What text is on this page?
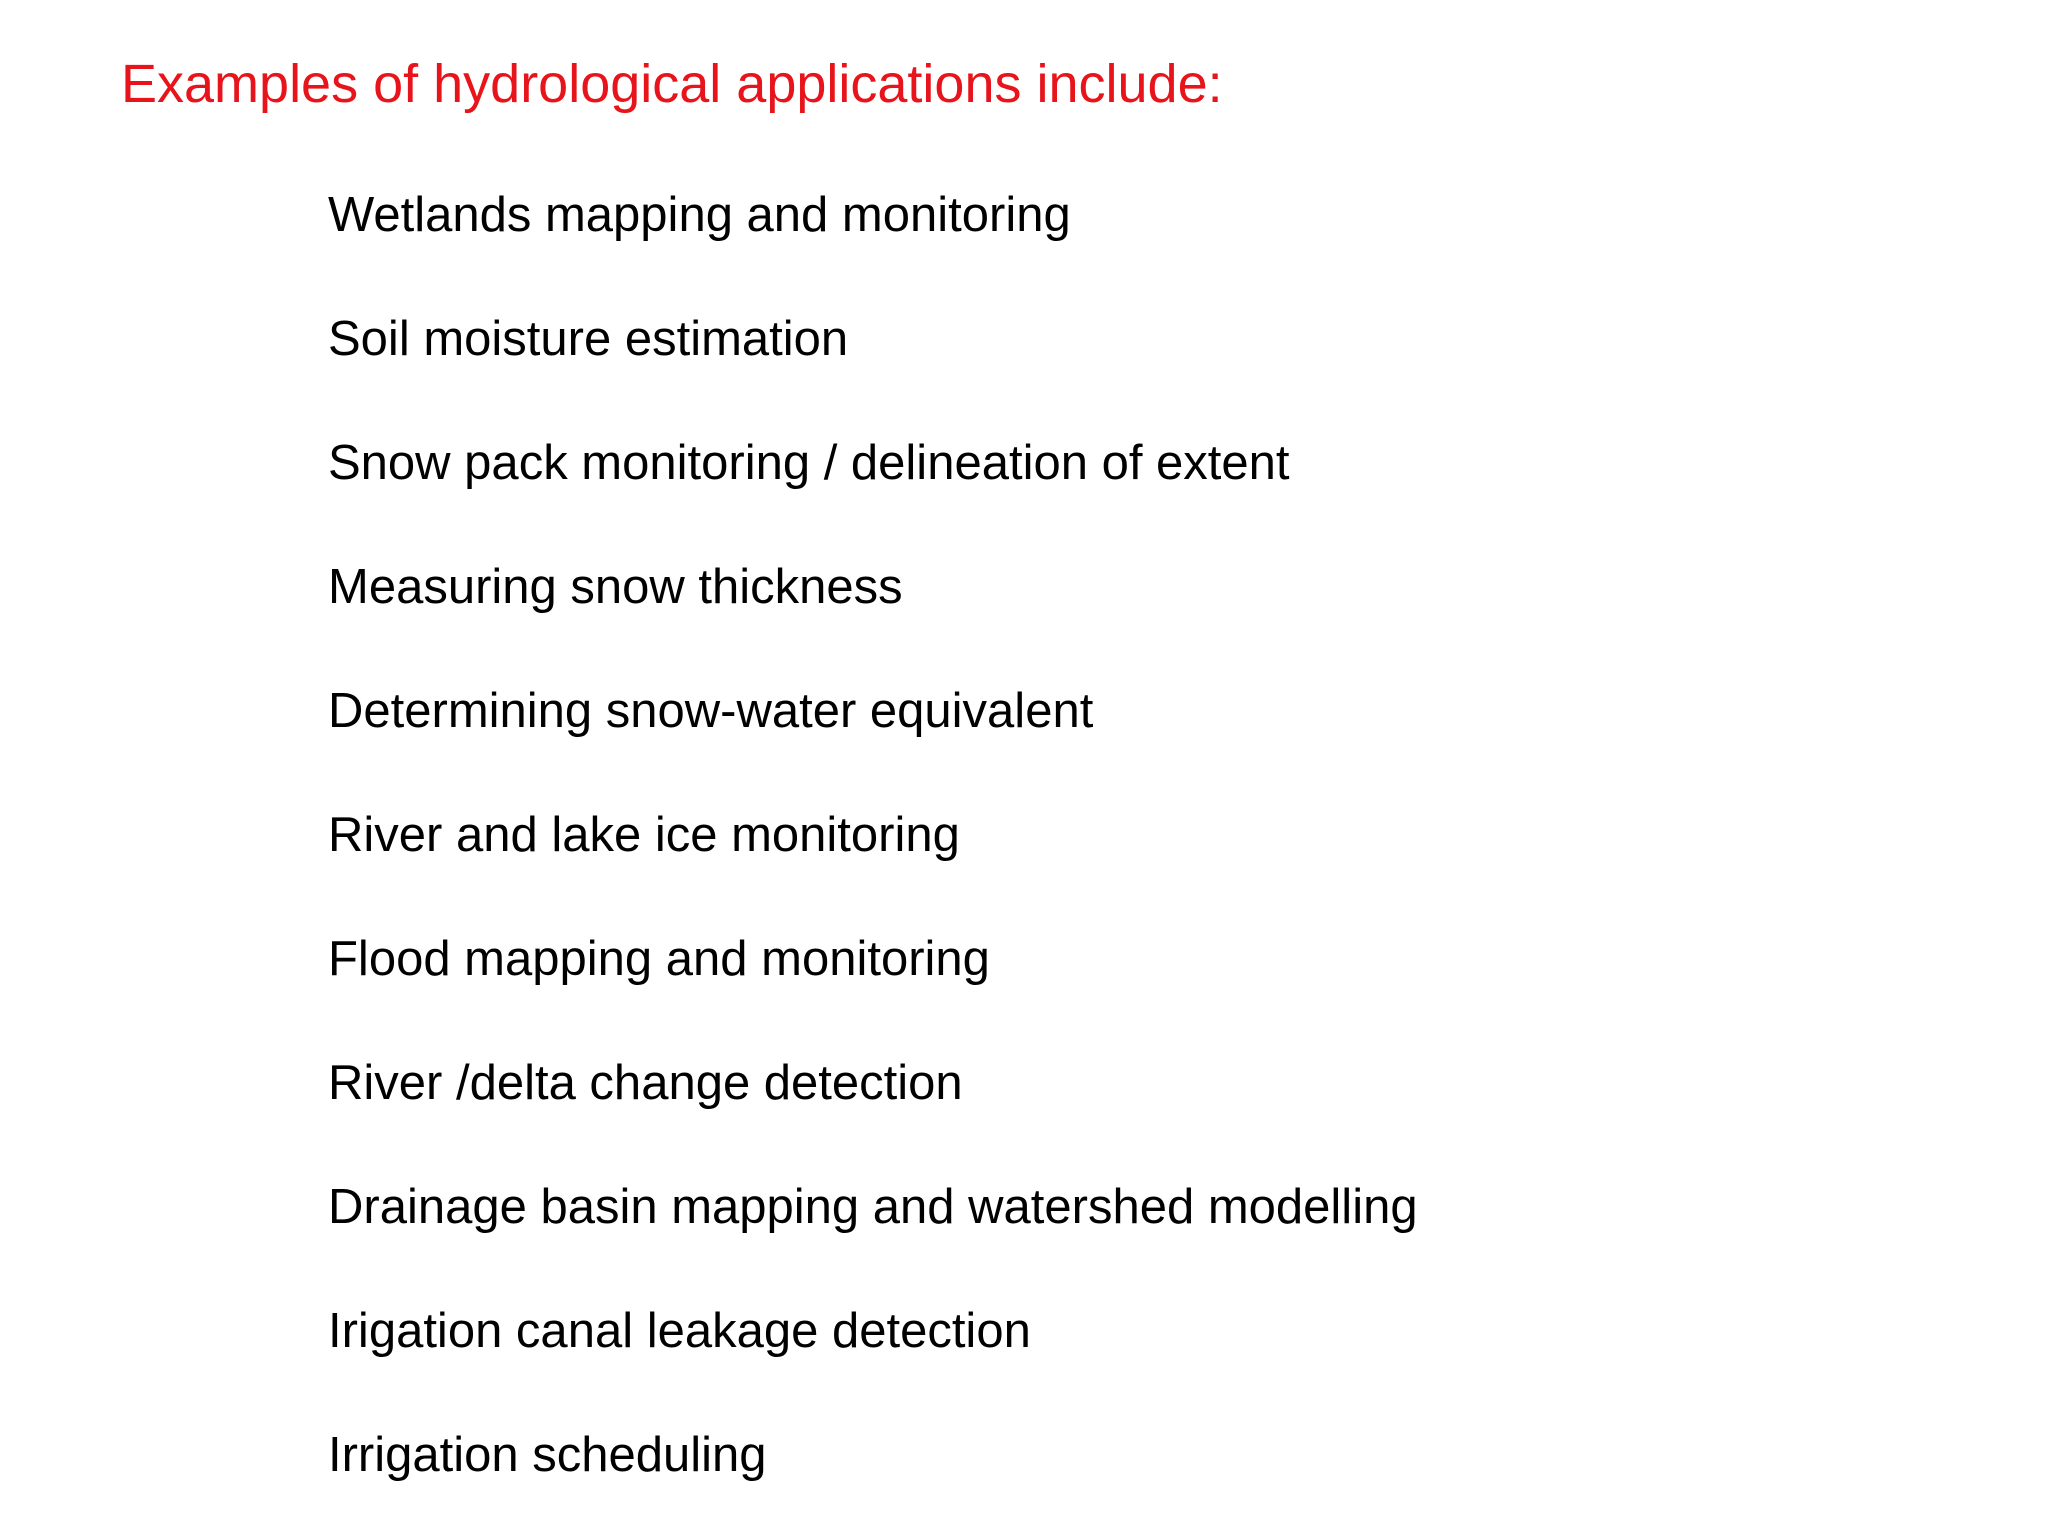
Examples of hydrological applications include:
Wetlands mapping and monitoring
Soil moisture estimation
Snow pack monitoring / delineation of extent
Measuring snow thickness
Determining snow-water equivalent
River and lake ice monitoring
Flood mapping and monitoring
River /delta change detection
Drainage basin mapping and watershed modelling
Irigation canal leakage detection
Irrigation scheduling
